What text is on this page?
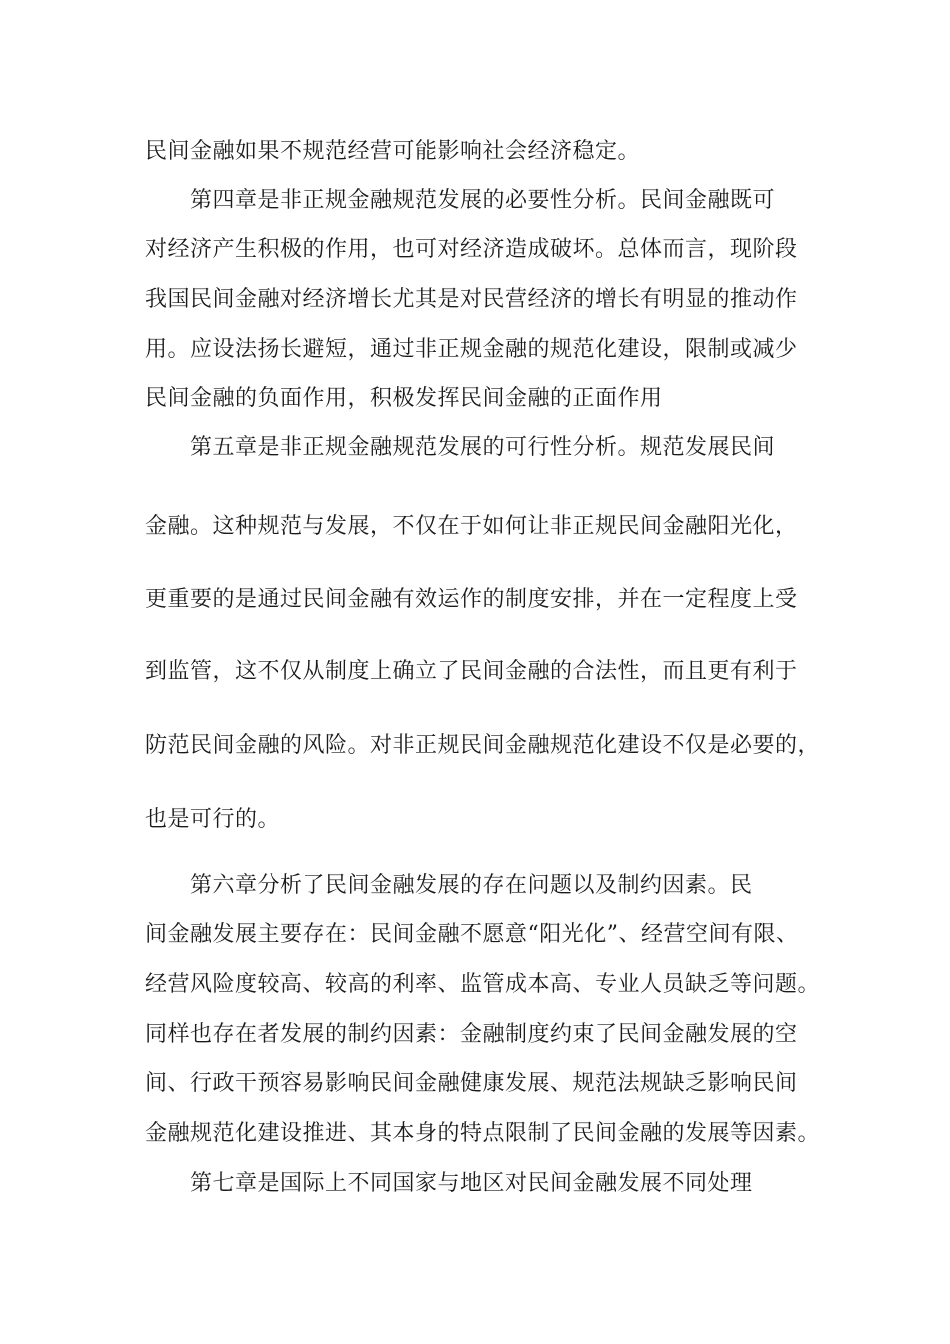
民间金融如果不规范经营可能影响社会经济稳定。
第四章是非正规金融规范发展的必要性分析。民间金融既可
对经济产生积极的作用，也可对经济造成破坏。总体而言，现阶段
我国民间金融对经济增长尤其是对民营经济的增长有明显的推动作
用。应设法扬长避短，通过非正规金融的规范化建设，限制或减少
民间金融的负面作用，积极发挥民间金融的正面作用
第五章是非正规金融规范发展的可行性分析。规范发展民间
金融。这种规范与发展，不仅在于如何让非正规民间金融阳光化，
更重要的是通过民间金融有效运作的制度安排，并在一定程度上受
到监管，这不仅从制度上确立了民间金融的合法性，而且更有利于
防范民间金融的风险。对非正规民间金融规范化建设不仅是必要的，
也是可行的。
第六章分析了民间金融发展的存在问题以及制约因素。民
间金融发展主要存在：民间金融不愿意“阳光化”、经营空间有限、
经营风险度较高、较高的利率、监管成本高、专业人员缺乏等问题。
同样也存在者发展的制约因素：金融制度约束了民间金融发展的空
间、行政干预容易影响民间金融健康发展、规范法规缺乏影响民间
金融规范化建设推进、其本身的特点限制了民间金融的发展等因素。
第七章是国际上不同国家与地区对民间金融发展不同处理
